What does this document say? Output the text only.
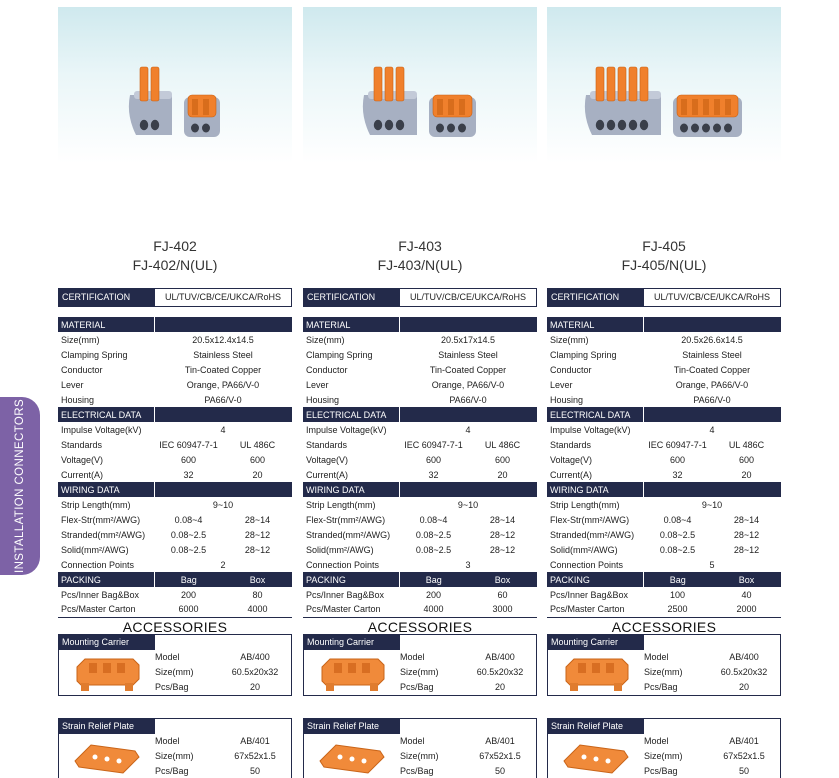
INSTALLATION CONNECTORS
FJ-402
FJ-402/N(UL)
CERTIFICATION	UL/TUV/CB/CE/UKCA/RoHS
MATERIAL		
Size(mm)	20.5x12.4x14.5	
Clamping Spring	Stainless Steel	
Conductor	Tin-Coated Copper	
Lever	Orange, PA66/V-0	
Housing	PA66/V-0	
ELECTRICAL DATA		
Impulse Voltage(kV)	4	
Standards	IEC 60947-7-1	UL 486C
Voltage(V)	600	600
Current(A)	32	20
WIRING DATA		
Strip Length(mm)	9~10	
Flex-Str(mm²/AWG)	0.08~4	28~14
Stranded(mm²/AWG)	0.08~2.5	28~12
Solid(mm²/AWG)	0.08~2.5	28~12
Connection Points	2	
PACKING	Bag	Box
Pcs/Inner Bag&Box	200	80
Pcs/Master Carton	6000	4000
ACCESSORIES
Mounting Carrier
Model	AB/400
Size(mm)	60.5x20x32
Pcs/Bag	20
Strain Relief Plate
Model	AB/401
Size(mm)	67x52x1.5
Pcs/Bag	50
FJ-403
FJ-403/N(UL)
CERTIFICATION	UL/TUV/CB/CE/UKCA/RoHS
MATERIAL		
Size(mm)	20.5x17x14.5	
Clamping Spring	Stainless Steel	
Conductor	Tin-Coated Copper	
Lever	Orange, PA66/V-0	
Housing	PA66/V-0	
ELECTRICAL DATA		
Impulse Voltage(kV)	4	
Standards	IEC 60947-7-1	UL 486C
Voltage(V)	600	600
Current(A)	32	20
WIRING DATA		
Strip Length(mm)	9~10	
Flex-Str(mm²/AWG)	0.08~4	28~14
Stranded(mm²/AWG)	0.08~2.5	28~12
Solid(mm²/AWG)	0.08~2.5	28~12
Connection Points	3	
PACKING	Bag	Box
Pcs/Inner Bag&Box	200	60
Pcs/Master Carton	4000	3000
ACCESSORIES
Mounting Carrier
Model	AB/400
Size(mm)	60.5x20x32
Pcs/Bag	20
Strain Relief Plate
Model	AB/401
Size(mm)	67x52x1.5
Pcs/Bag	50
FJ-405
FJ-405/N(UL)
CERTIFICATION	UL/TUV/CB/CE/UKCA/RoHS
MATERIAL		
Size(mm)	20.5x26.6x14.5	
Clamping Spring	Stainless Steel	
Conductor	Tin-Coated Copper	
Lever	Orange, PA66/V-0	
Housing	PA66/V-0	
ELECTRICAL DATA		
Impulse Voltage(kV)	4	
Standards	IEC 60947-7-1	UL 486C
Voltage(V)	600	600
Current(A)	32	20
WIRING DATA		
Strip Length(mm)	9~10	
Flex-Str(mm²/AWG)	0.08~4	28~14
Stranded(mm²/AWG)	0.08~2.5	28~12
Solid(mm²/AWG)	0.08~2.5	28~12
Connection Points	5	
PACKING	Bag	Box
Pcs/Inner Bag&Box	100	40
Pcs/Master Carton	2500	2000
ACCESSORIES
Mounting Carrier
Model	AB/400
Size(mm)	60.5x20x32
Pcs/Bag	20
Strain Relief Plate
Model	AB/401
Size(mm)	67x52x1.5
Pcs/Bag	50
